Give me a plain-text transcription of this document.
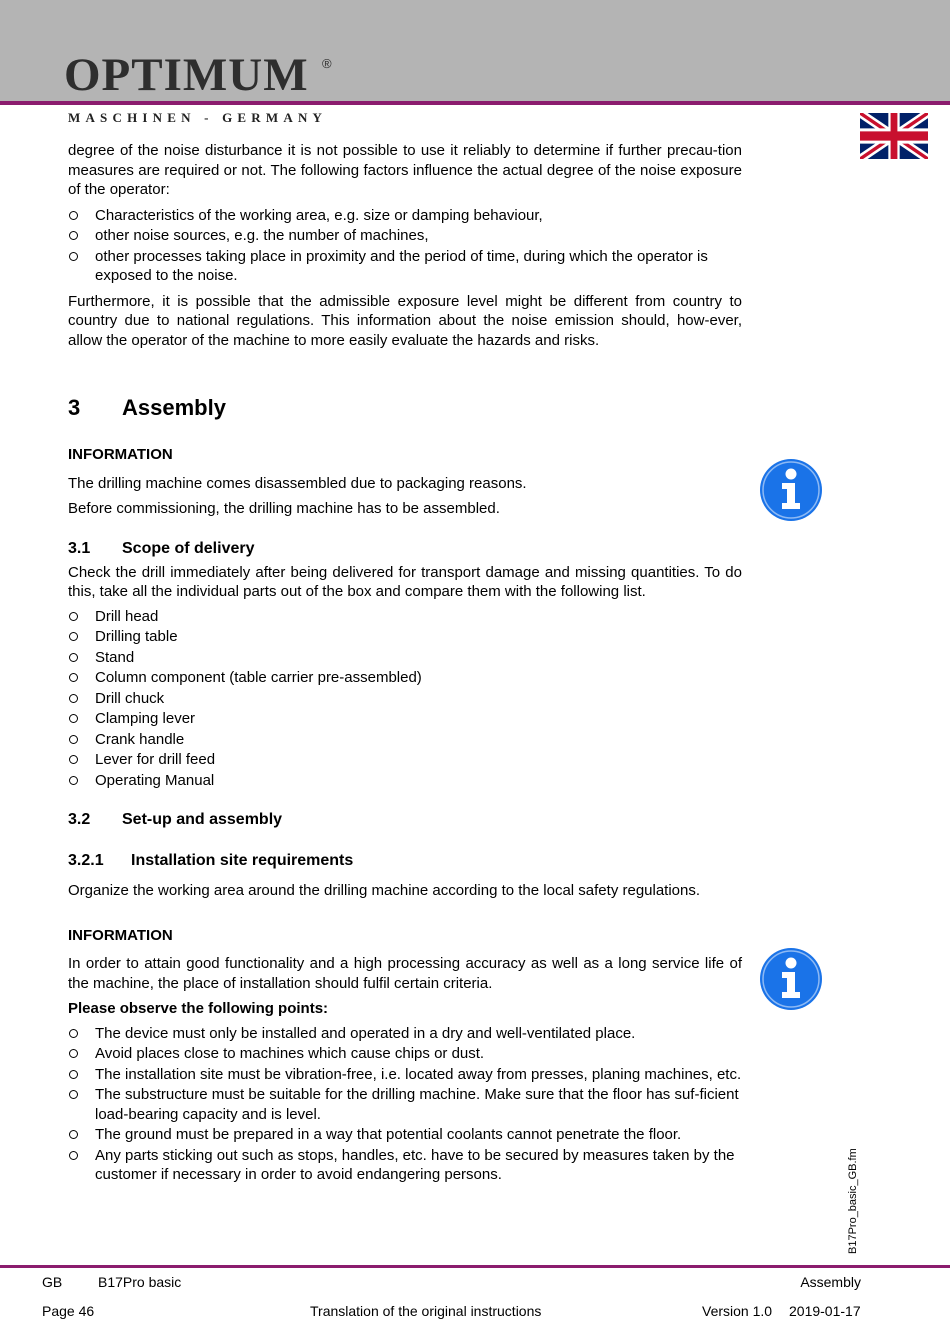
OPTIMUM ®
MASCHINEN - GERMANY

degree of the noise disturbance it is not possible to use it reliably to determine if further precau-tion measures are required or not. The following factors influence the actual degree of the noise exposure of the operator:

Characteristics of the working area, e.g. size or damping behaviour,
other noise sources, e.g. the number of machines,
other processes taking place in proximity and the period of time, during which the operator is exposed to the noise.

Furthermore, it is possible that the admissible exposure level might be different from country to country due to national regulations. This information about the noise emission should, how-ever, allow the operator of the machine to more easily evaluate the hazards and risks.

3 Assembly

INFORMATION

The drilling machine comes disassembled due to packaging reasons.

Before commissioning, the drilling machine has to be assembled.

3.1 Scope of delivery

Check the drill immediately after being delivered for transport damage and missing quantities. To do this, take all the individual parts out of the box and compare them with the following list.

Drill head
Drilling table
Stand
Column component (table carrier pre-assembled)
Drill chuck
Clamping lever
Crank handle
Lever for drill feed
Operating Manual
3.2 Set-up and assembly
3.2.1 Installation site requirements

Organize the working area around the drilling machine according to the local safety regulations.

INFORMATION

In order to attain good functionality and a high processing accuracy as well as a long service life of the machine, the place of installation should fulfil certain criteria.

Please observe the following points:

The device must only be installed and operated in a dry and well-ventilated place.
Avoid places close to machines which cause chips or dust.
The installation site must be vibration-free, i.e. located away from presses, planing machines, etc.
The substructure must be suitable for the drilling machine. Make sure that the floor has suf-ficient load-bearing capacity and is level.
The ground must be prepared in a way that potential coolants cannot penetrate the floor.
Any parts sticking out such as stops, handles, etc. have to be secured by measures taken by the customer if necessary in order to avoid endangering persons.	B17Pro_basic_GB.fm
GB	B17Pro basic	Assembly
Page 46	Translation of the original instructions	Version 1.0 2019-01-17
